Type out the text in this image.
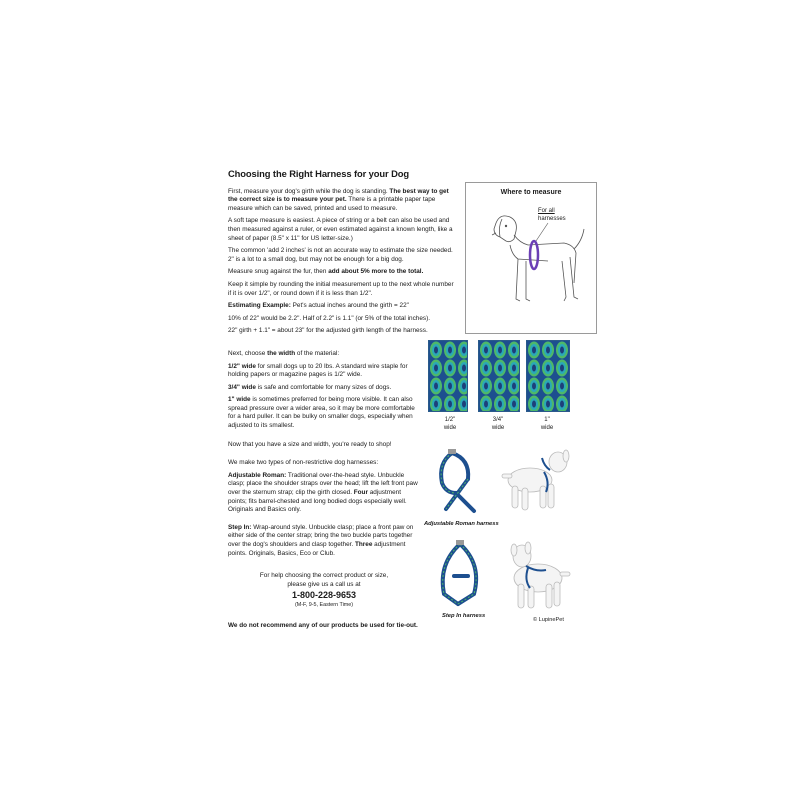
Choosing the Right Harness for your Dog

First, measure your dog's girth while the dog is standing. The best way to get the correct size is to measure your pet. There is a printable paper tape measure which can be saved, printed and used to measure.

A soft tape measure is easiest. A piece of string or a belt can also be used and then measured against a ruler, or even estimated against a known length, like a sheet of paper (8.5" x 11" for US letter-size.)

The common 'add 2 inches' is not an accurate way to estimate the size needed. 2" is a lot to a small dog, but may not be enough for a big dog.

Measure snug against the fur, then add about 5% more to the total.

Keep it simple by rounding the initial measurement up to the next whole number if it is over 1/2", or round down if it is less than 1/2".

Estimating Example: Pet's actual inches around the girth = 22"

10% of 22" would be 2.2". Half of 2.2" is 1.1" (or 5% of the total inches).

22" girth + 1.1" = about 23" for the adjusted girth length of the harness.

Next, choose the width of the material:

1/2" wide for small dogs up to 20 lbs. A standard wire staple for holding papers or magazine pages is 1/2" wide.

3/4" wide is safe and comfortable for many sizes of dogs.

1" wide is sometimes preferred for being more visible. It can also spread pressure over a wider area, so it may be more comfortable for a hard puller. It can be bulky on smaller dogs, especially when adjusted to its smallest.

Now that you have a size and width, you're ready to shop!

We make two types of non-restrictive dog harnesses:

Adjustable Roman: Traditional over-the-head style. Unbuckle clasp; place the shoulder straps over the head; lift the left front paw over the sternum strap; clip the girth closed. Four adjustment points; fits barrel-chested and long bodied dogs especially well. Originals and Basics only.

Step In: Wrap-around style. Unbuckle clasp; place a front paw on either side of the center strap; bring the two buckle parts together over the dog's shoulders and clasp together. Three adjustment points. Originals, Basics, Eco or Club.

For help choosing the correct product or size,
please give us a call us at
1-800-228-9653
(M-F, 9-5, Eastern Time)

We do not recommend any of our products be used for tie-out.

Where to measure
For all
harnesses
1/2"
wide
3/4"
wide
1"
wide
Adjustable Roman harness
Step In harness
© LupinePet
